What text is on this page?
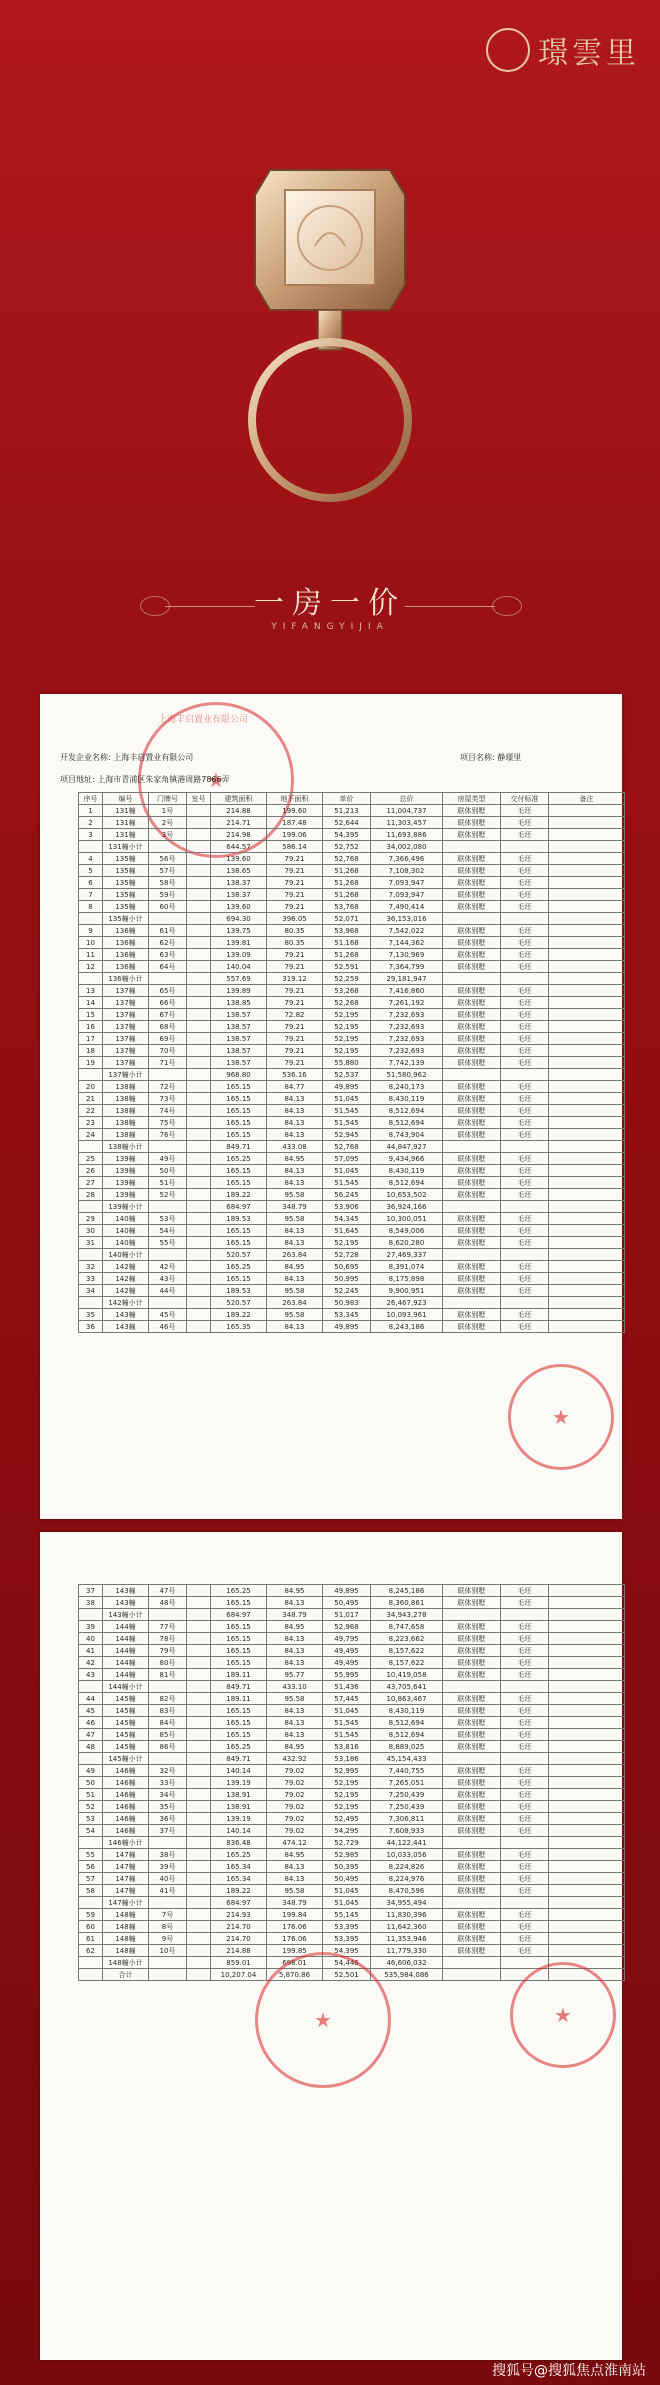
璟雲里
一房一价
YIFANGYIJIA
★
上海丰启置业有限公司
开发企业名称: 上海丰启置业有限公司	项目名称: 静璟里
项目地址: 上海市青浦区朱家角镇港周路7866弄
序号	编号	门牌号	室号	建筑面积	地下面积	单价	总价	房屋类型	交付标准	备注
1	131幢	1号		214.88	199.60	51,213	11,004,737	联体别墅	毛坯	
2	131幢	2号		214.71	187.48	52,644	11,303,457	联体别墅	毛坯	
3	131幢	3号		214.98	199.06	54,395	11,693,886	联体别墅	毛坯	
	131幢小计			644.57	586.14	52,752	34,002,080			
4	135幢	56号		139.60	79.21	52,768	7,366,496	联体别墅	毛坯	
5	135幢	57号		138.65	79.21	51,268	7,108,302	联体别墅	毛坯	
6	135幢	58号		138.37	79.21	51,268	7,093,947	联体别墅	毛坯	
7	135幢	59号		138.37	79.21	51,268	7,093,947	联体别墅	毛坯	
8	135幢	60号		139.60	79.21	53,768	7,490,414	联体别墅	毛坯	
	135幢小计			694.30	396.05	52,071	36,153,016			
9	136幢	61号		139.75	80.35	53,968	7,542,022	联体别墅	毛坯	
10	136幢	62号		139.81	80.35	51,168	7,144,362	联体别墅	毛坯	
11	136幢	63号		139.09	79.21	51,268	7,130,969	联体别墅	毛坯	
12	136幢	64号		140.04	79.21	52,591	7,364,799	联体别墅	毛坯	
	136幢小计			557.69	319.12	52,259	29,181,947			
13	137幢	65号		139.89	79.21	53,268	7,416,860	联体别墅	毛坯	
14	137幢	66号		138.85	79.21	52,268	7,261,192	联体别墅	毛坯	
15	137幢	67号		138.57	72.82	52,195	7,232,693	联体别墅	毛坯	
16	137幢	68号		138.57	79.21	52,195	7,232,693	联体别墅	毛坯	
17	137幢	69号		138.57	79.21	52,195	7,232,693	联体别墅	毛坯	
18	137幢	70号		138.57	79.21	52,195	7,232,693	联体别墅	毛坯	
19	137幢	71号		138.57	79.21	55,880	7,742,139	联体别墅	毛坯	
	137幢小计			968.80	536.16	52,537	51,580,962			
20	138幢	72号		165.15	84.77	49,895	8,240,173	联体别墅	毛坯	
21	138幢	73号		165.15	84.13	51,045	8,430,119	联体别墅	毛坯	
22	138幢	74号		165.15	84.13	51,545	8,512,694	联体别墅	毛坯	
23	138幢	75号		165.15	84.13	51,545	8,512,694	联体别墅	毛坯	
24	138幢	76号		165.15	84.13	52,945	8,743,904	联体别墅	毛坯	
	138幢小计			849.71	433.08	52,768	44,847,927			
25	139幢	49号		165.25	84.95	57,095	9,434,966	联体别墅	毛坯	
26	139幢	50号		165.15	84.13	51,045	8,430,119	联体别墅	毛坯	
27	139幢	51号		165.15	84.13	51,545	8,512,694	联体别墅	毛坯	
28	139幢	52号		189.22	95.58	56,245	10,653,502	联体别墅	毛坯	
	139幢小计			684.97	348.79	53,906	36,924,166			
29	140幢	53号		189.53	95.58	54,345	10,300,051	联体别墅	毛坯	
30	140幢	54号		165.15	84.13	51,645	8,549,006	联体别墅	毛坯	
31	140幢	55号		165.15	84.13	52,195	8,620,280	联体别墅	毛坯	
	140幢小计			520.57	263.84	52,728	27,469,337			
32	142幢	42号		165.25	84.95	50,695	8,391,074	联体别墅	毛坯	
33	142幢	43号		165.15	84.13	50,995	8,175,898	联体别墅	毛坯	
34	142幢	44号		189.53	95.58	52,245	9,900,951	联体别墅	毛坯	
	142幢小计			520.57	263.84	50,983	26,467,923			
35	143幢	45号		189.22	95.58	53,345	10,093,961	联体别墅	毛坯	
36	143幢	46号		165.35	84.13	49,895	8,243,186	联体别墅	毛坯	
★
37	143幢	47号		165.25	84.95	49,895	8,245,186	联体别墅	毛坯	
38	143幢	48号		165.15	84.13	50,495	8,360,861	联体别墅	毛坯	
	143幢小计			684.97	348.79	51,017	34,943,278			
39	144幢	77号		165.15	84.95	52,968	8,747,658	联体别墅	毛坯	
40	144幢	78号		165.15	84.13	49,795	8,223,662	联体别墅	毛坯	
41	144幢	79号		165.15	84.13	49,495	8,157,622	联体别墅	毛坯	
42	144幢	80号		165.15	84.13	49,495	8,157,622	联体别墅	毛坯	
43	144幢	81号		189.11	95.77	55,995	10,419,058	联体别墅	毛坯	
	144幢小计			849.71	433.10	51,436	43,705,641			
44	145幢	82号		189.11	95.58	57,445	10,863,467	联体别墅	毛坯	
45	145幢	83号		165.15	84.13	51,045	8,430,119	联体别墅	毛坯	
46	145幢	84号		165.15	84.13	51,545	8,512,694	联体别墅	毛坯	
47	145幢	85号		165.15	84.13	51,545	8,512,694	联体别墅	毛坯	
48	145幢	86号		165.25	84.95	53,816	8,889,025	联体别墅	毛坯	
	145幢小计			849.71	432.92	53,186	45,154,433			
49	146幢	32号		140.14	79.02	52,995	7,440,755	联体别墅	毛坯	
50	146幢	33号		139.19	79.02	52,195	7,265,051	联体别墅	毛坯	
51	146幢	34号		138.91	79.02	52,195	7,250,439	联体别墅	毛坯	
52	146幢	35号		138.91	79.02	52,195	7,250,439	联体别墅	毛坯	
53	146幢	36号		139.19	79.02	52,495	7,306,811	联体别墅	毛坯	
54	146幢	37号		140.14	79.02	54,295	7,608,933	联体别墅	毛坯	
	146幢小计			836.48	474.12	52,729	44,122,441			
55	147幢	38号		165.25	84.95	52,985	10,033,056	联体别墅	毛坯	
56	147幢	39号		165.34	84.13	50,395	8,224,826	联体别墅	毛坯	
57	147幢	40号		165.34	84.13	50,495	8,224,976	联体别墅	毛坯	
58	147幢	41号		189.22	95.58	51,045	8,470,596	联体别墅	毛坯	
	147幢小计			684.97	348.79	51,045	34,955,494			
59	148幢	7号		214.93	199.84	55,145	11,830,396	联体别墅	毛坯	
60	148幢	8号		214.70	176.06	53,395	11,642,360	联体别墅	毛坯	
61	148幢	9号		214.70	176.06	53,395	11,353,946	联体别墅	毛坯	
62	148幢	10号		214.88	199.85	54,395	11,779,330	联体别墅	毛坯	
	148幢小计			859.01	698.01	54,446	46,606,032			
	合计			10,207.04	5,870.86	52,501	535,984,086			
★
★
搜狐号@搜狐焦点淮南站
